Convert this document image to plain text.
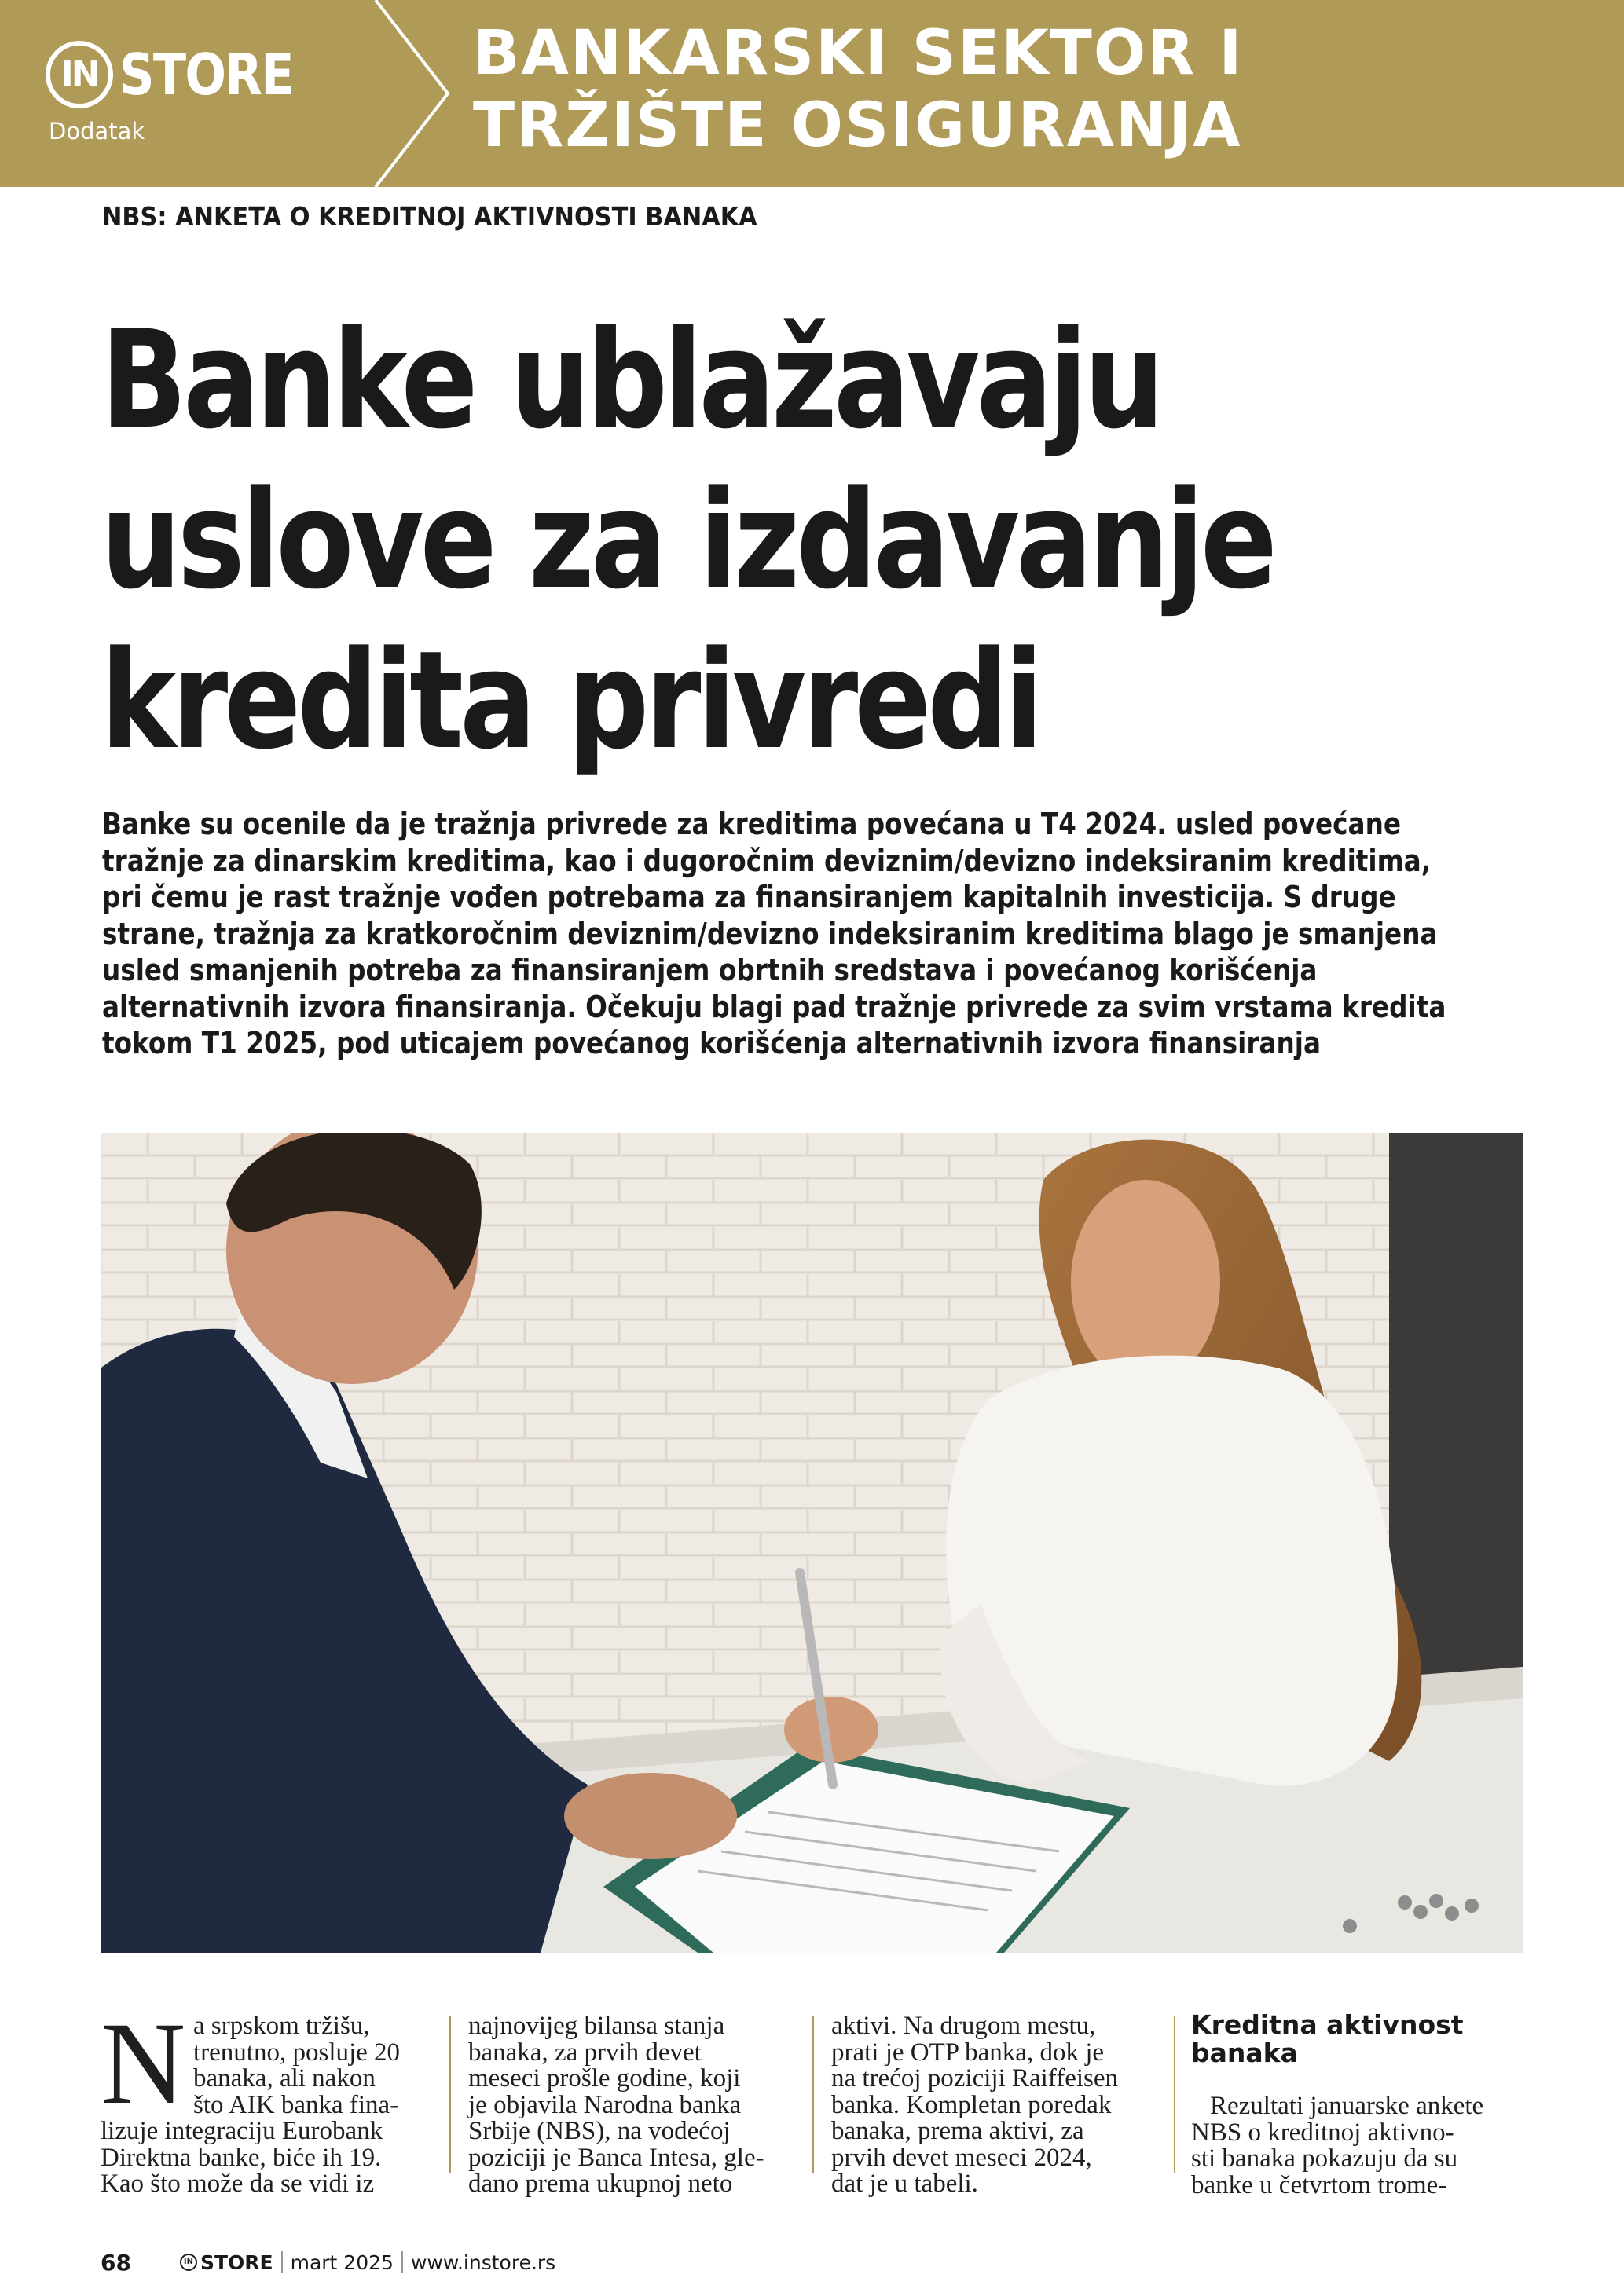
IN STORE
Dodatak
BANKARSKI SEKTOR I
TRŽIŠTE OSIGURANJA
NBS: ANKETA O KREDITNOJ AKTIVNOSTI BANAKA
Banke ublažavaju
uslove za izdavanje
kredita privredi
Banke su ocenile da je tražnja privrede za kreditima povećana u T4 2024. usled povećane
tražnje za dinarskim kreditima, kao i dugoročnim deviznim/devizno indeksiranim kreditima,
pri čemu je rast tražnje vođen potrebama za finansiranjem kapitalnih investicija. S druge
strane, tražnja za kratkoročnim deviznim/devizno indeksiranim kreditima blago je smanjena
usled smanjenih potreba za finansiranjem obrtnih sredstava i povećanog korišćenja
alternativnih izvora finansiranja. Očekuju blagi pad tražnje privrede za svim vrstama kredita
tokom T1 2025, pod uticajem povećanog korišćenja alternativnih izvora finansiranja
N a srpskom tržišu,
trenutno, posluje 20
banaka, ali nakon
što AIK banka fina-
lizuje integraciju Eurobank
Direktna banke, biće ih 19.
Kao što može da se vidi iz
najnovijeg bilansa stanja
banaka, za prvih devet
meseci prošle godine, koji
je objavila Narodna banka
Srbije (NBS), na vodećoj
poziciji je Banca Intesa, gle-
dano prema ukupnoj neto
aktivi. Na drugom mestu,
prati je OTP banka, dok je
na trećoj poziciji Raiffeisen
banka. Kompletan poredak
banaka, prema aktivi, za
prvih devet meseci 2024,
dat je u tabeli.
Kreditna aktivnost
banaka
Rezultati januarske ankete
NBS o kreditnoj aktivno-
sti banaka pokazuju da su
banke u četvrtom trome-
68	IN STORE mart 2025 www.instore.rs
